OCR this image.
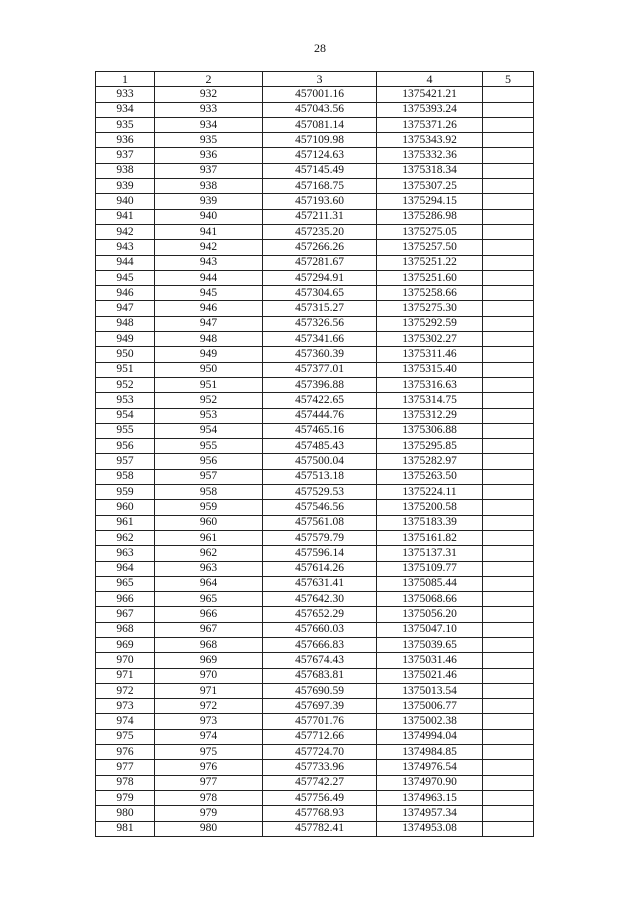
28
1	2	3	4	5
933	932	457001.16	1375421.21	
934	933	457043.56	1375393.24	
935	934	457081.14	1375371.26	
936	935	457109.98	1375343.92	
937	936	457124.63	1375332.36	
938	937	457145.49	1375318.34	
939	938	457168.75	1375307.25	
940	939	457193.60	1375294.15	
941	940	457211.31	1375286.98	
942	941	457235.20	1375275.05	
943	942	457266.26	1375257.50	
944	943	457281.67	1375251.22	
945	944	457294.91	1375251.60	
946	945	457304.65	1375258.66	
947	946	457315.27	1375275.30	
948	947	457326.56	1375292.59	
949	948	457341.66	1375302.27	
950	949	457360.39	1375311.46	
951	950	457377.01	1375315.40	
952	951	457396.88	1375316.63	
953	952	457422.65	1375314.75	
954	953	457444.76	1375312.29	
955	954	457465.16	1375306.88	
956	955	457485.43	1375295.85	
957	956	457500.04	1375282.97	
958	957	457513.18	1375263.50	
959	958	457529.53	1375224.11	
960	959	457546.56	1375200.58	
961	960	457561.08	1375183.39	
962	961	457579.79	1375161.82	
963	962	457596.14	1375137.31	
964	963	457614.26	1375109.77	
965	964	457631.41	1375085.44	
966	965	457642.30	1375068.66	
967	966	457652.29	1375056.20	
968	967	457660.03	1375047.10	
969	968	457666.83	1375039.65	
970	969	457674.43	1375031.46	
971	970	457683.81	1375021.46	
972	971	457690.59	1375013.54	
973	972	457697.39	1375006.77	
974	973	457701.76	1375002.38	
975	974	457712.66	1374994.04	
976	975	457724.70	1374984.85	
977	976	457733.96	1374976.54	
978	977	457742.27	1374970.90	
979	978	457756.49	1374963.15	
980	979	457768.93	1374957.34	
981	980	457782.41	1374953.08	
